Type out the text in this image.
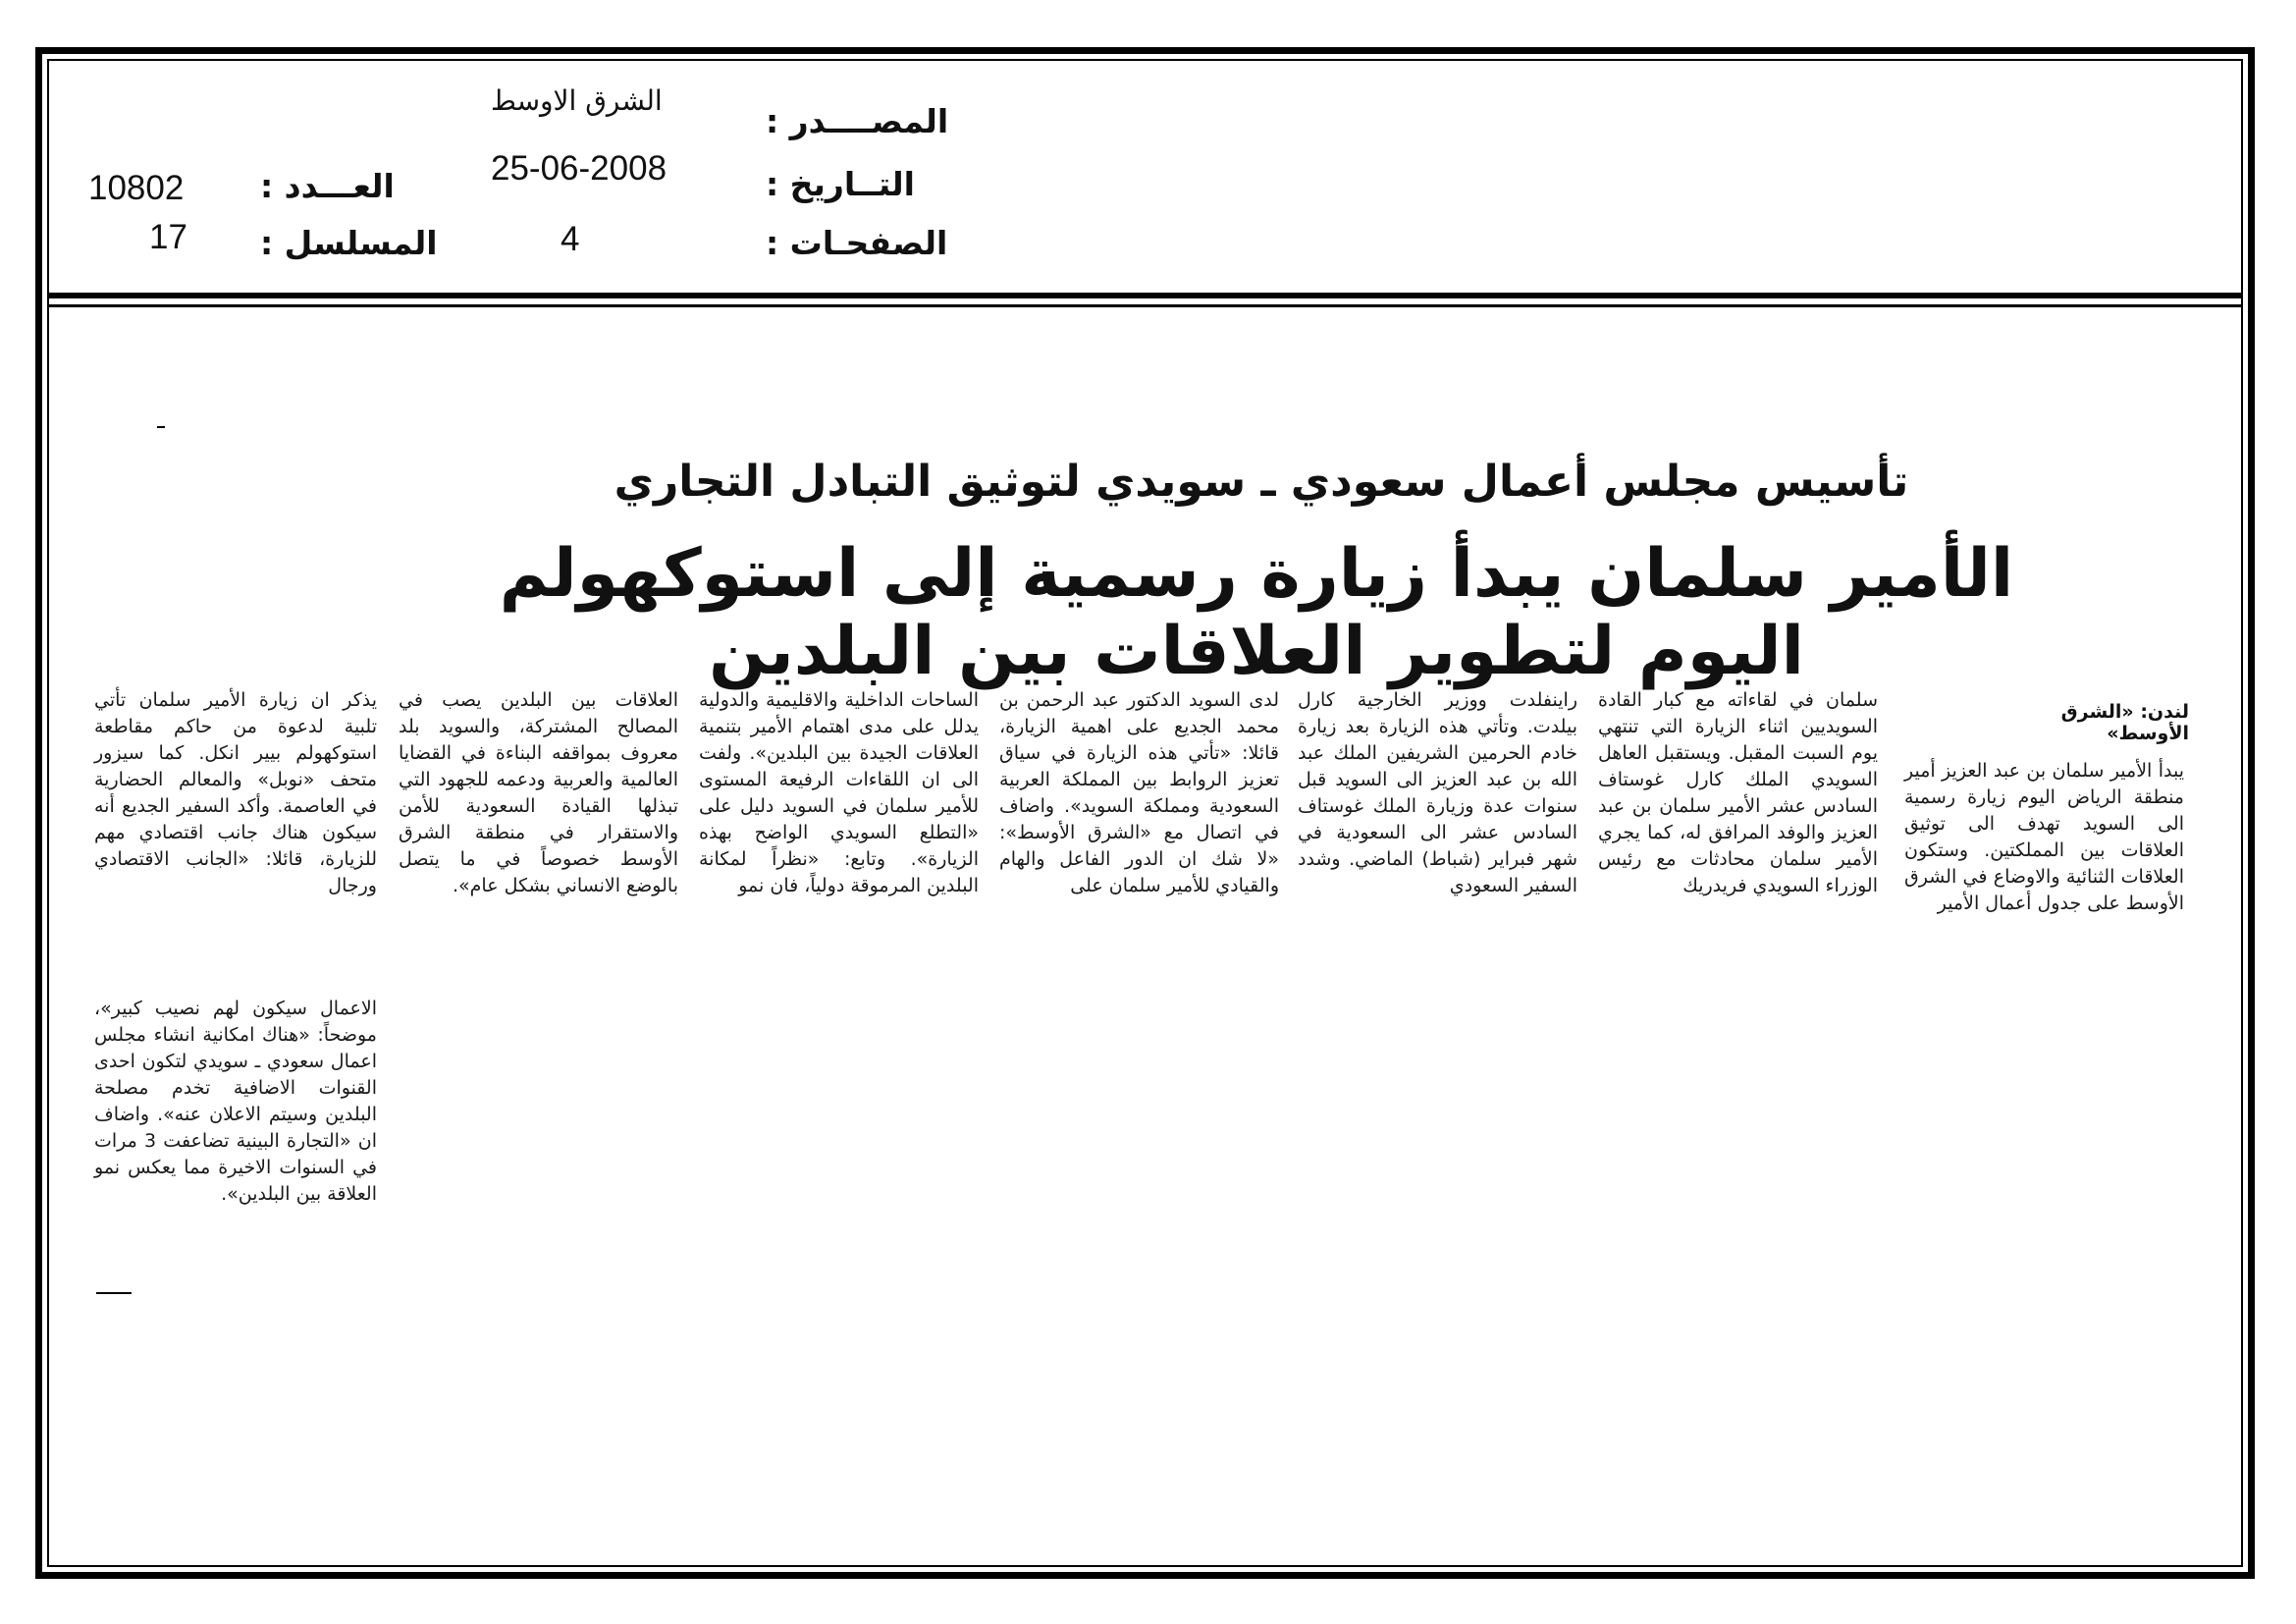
الشرق الاوسط
المصــــدر :
25-06-2008	التــاريخ :
4	الصفحـات :
10802 العـــدد :
17 المسلسل :
تأسيس مجلس أعمال سعودي ـ سويدي لتوثيق التبادل التجاري
الأمير سلمان يبدأ زيارة رسمية إلى استوكهولم اليوم لتطوير العلاقات بين البلدين
لندن: «الشرق الأوسط»
يبدأ الأمير سلمان بن عبد العزيز أمير منطقة الرياض اليوم زيارة رسمية الى السويد تهدف الى توثيق العلاقات بين المملكتين. وستكون العلاقات الثنائية والاوضاع في الشرق الأوسط على جدول أعمال الأمير
سلمان في لقاءاته مع كبار القادة السويديين اثناء الزيارة التي تنتهي يوم السبت المقبل. ويستقبل العاهل السويدي الملك كارل غوستاف السادس عشر الأمير سلمان بن عبد العزيز والوفد المرافق له، كما يجري الأمير سلمان محادثات مع رئيس الوزراء السويدي فريدريك
راينفلدت ووزير الخارجية كارل بيلدت. وتأتي هذه الزيارة بعد زيارة خادم الحرمين الشريفين الملك عبد الله بن عبد العزيز الى السويد قبل سنوات عدة وزيارة الملك غوستاف السادس عشر الى السعودية في شهر فبراير (شباط) الماضي. وشدد السفير السعودي
لدى السويد الدكتور عبد الرحمن بن محمد الجديع على اهمية الزيارة، قائلا: «تأتي هذه الزيارة في سياق تعزيز الروابط بين المملكة العربية السعودية ومملكة السويد». واضاف في اتصال مع «الشرق الأوسط»: «لا شك ان الدور الفاعل والهام والقيادي للأمير سلمان على
الساحات الداخلية والاقليمية والدولية يدلل على مدى اهتمام الأمير بتنمية العلاقات الجيدة بين البلدين». ولفت الى ان اللقاءات الرفيعة المستوى للأمير سلمان في السويد دليل على «التطلع السويدي الواضح بهذه الزيارة». وتابع: «نظراً لمكانة البلدين المرموقة دولياً، فان نمو
العلاقات بين البلدين يصب في المصالح المشتركة، والسويد بلد معروف بمواقفه البناءة في القضايا العالمية والعربية ودعمه للجهود التي تبذلها القيادة السعودية للأمن والاستقرار في منطقة الشرق الأوسط خصوصاً في ما يتصل بالوضع الانساني بشكل عام».
يذكر ان زيارة الأمير سلمان تأتي تلبية لدعوة من حاكم مقاطعة استوكهولم بيير انكل. كما سيزور متحف «نوبل» والمعالم الحضارية في العاصمة. وأكد السفير الجديع أنه سيكون هناك جانب اقتصادي مهم للزيارة، قائلا: «الجانب الاقتصادي ورجال
الاعمال سيكون لهم نصيب كبير»، موضحاً: «هناك امكانية انشاء مجلس اعمال سعودي ـ سويدي لتكون احدى القنوات الاضافية تخدم مصلحة البلدين وسيتم الاعلان عنه». واضاف ان «التجارة البينية تضاعفت 3 مرات في السنوات الاخيرة مما يعكس نمو العلاقة بين البلدين».
